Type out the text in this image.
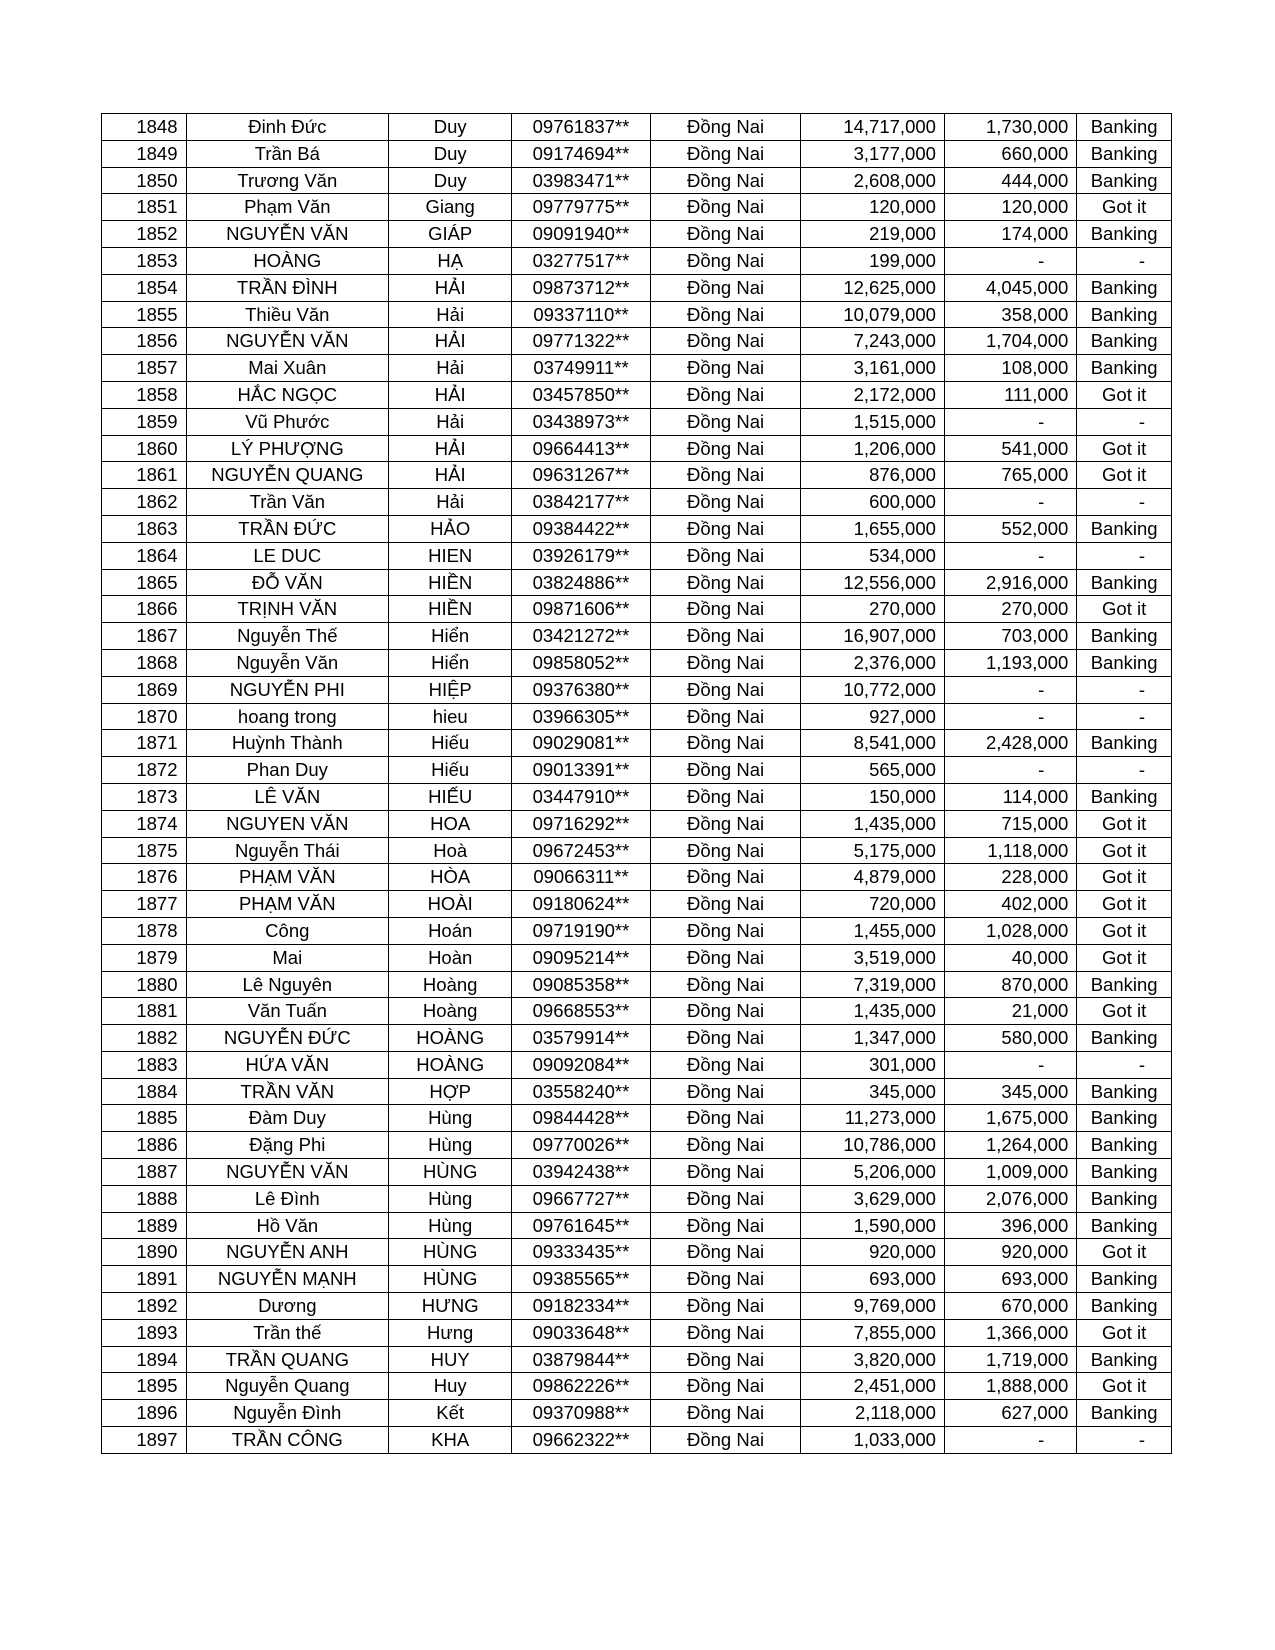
1848	Đinh Đức	Duy	09761837**	Đồng Nai	14,717,000	1,730,000	Banking
1849	Trần Bá	Duy	09174694**	Đồng Nai	3,177,000	660,000	Banking
1850	Trương Văn	Duy	03983471**	Đồng Nai	2,608,000	444,000	Banking
1851	Phạm Văn	Giang	09779775**	Đồng Nai	120,000	120,000	Got it
1852	NGUYỄN VĂN	GIÁP	09091940**	Đồng Nai	219,000	174,000	Banking
1853	HOÀNG	HẠ	03277517**	Đồng Nai	199,000	-	-
1854	TRẦN ĐÌNH	HẢI	09873712**	Đồng Nai	12,625,000	4,045,000	Banking
1855	Thiều Văn	Hải	09337110**	Đồng Nai	10,079,000	358,000	Banking
1856	NGUYỄN VĂN	HẢI	09771322**	Đồng Nai	7,243,000	1,704,000	Banking
1857	Mai Xuân	Hải	03749911**	Đồng Nai	3,161,000	108,000	Banking
1858	HẮC NGỌC	HẢI	03457850**	Đồng Nai	2,172,000	111,000	Got it
1859	Vũ Phước	Hải	03438973**	Đồng Nai	1,515,000	-	-
1860	LÝ PHƯỢNG	HẢI	09664413**	Đồng Nai	1,206,000	541,000	Got it
1861	NGUYỄN QUANG	HẢI	09631267**	Đồng Nai	876,000	765,000	Got it
1862	Trần Văn	Hải	03842177**	Đồng Nai	600,000	-	-
1863	TRẦN ĐỨC	HẢO	09384422**	Đồng Nai	1,655,000	552,000	Banking
1864	LE DUC	HIEN	03926179**	Đồng Nai	534,000	-	-
1865	ĐỖ VĂN	HIỀN	03824886**	Đồng Nai	12,556,000	2,916,000	Banking
1866	TRỊNH VĂN	HIỀN	09871606**	Đồng Nai	270,000	270,000	Got it
1867	Nguyễn Thế	Hiển	03421272**	Đồng Nai	16,907,000	703,000	Banking
1868	Nguyễn Văn	Hiển	09858052**	Đồng Nai	2,376,000	1,193,000	Banking
1869	NGUYỄN PHI	HIỆP	09376380**	Đồng Nai	10,772,000	-	-
1870	hoang trong	hieu	03966305**	Đồng Nai	927,000	-	-
1871	Huỳnh Thành	Hiếu	09029081**	Đồng Nai	8,541,000	2,428,000	Banking
1872	Phan Duy	Hiếu	09013391**	Đồng Nai	565,000	-	-
1873	LÊ VĂN	HIẾU	03447910**	Đồng Nai	150,000	114,000	Banking
1874	NGUYEN VĂN	HOA	09716292**	Đồng Nai	1,435,000	715,000	Got it
1875	Nguyễn Thái	Hoà	09672453**	Đồng Nai	5,175,000	1,118,000	Got it
1876	PHẠM VĂN	HÒA	09066311**	Đồng Nai	4,879,000	228,000	Got it
1877	PHẠM VĂN	HOÀI	09180624**	Đồng Nai	720,000	402,000	Got it
1878	Công	Hoán	09719190**	Đồng Nai	1,455,000	1,028,000	Got it
1879	Mai	Hoàn	09095214**	Đồng Nai	3,519,000	40,000	Got it
1880	Lê Nguyên	Hoàng	09085358**	Đồng Nai	7,319,000	870,000	Banking
1881	Văn Tuấn	Hoàng	09668553**	Đồng Nai	1,435,000	21,000	Got it
1882	NGUYỄN ĐỨC	HOÀNG	03579914**	Đồng Nai	1,347,000	580,000	Banking
1883	HỨA VĂN	HOÀNG	09092084**	Đồng Nai	301,000	-	-
1884	TRẦN VĂN	HỢP	03558240**	Đồng Nai	345,000	345,000	Banking
1885	Đàm Duy	Hùng	09844428**	Đồng Nai	11,273,000	1,675,000	Banking
1886	Đặng Phi	Hùng	09770026**	Đồng Nai	10,786,000	1,264,000	Banking
1887	NGUYỄN VĂN	HÙNG	03942438**	Đồng Nai	5,206,000	1,009,000	Banking
1888	Lê Đình	Hùng	09667727**	Đồng Nai	3,629,000	2,076,000	Banking
1889	Hồ Văn	Hùng	09761645**	Đồng Nai	1,590,000	396,000	Banking
1890	NGUYỄN ANH	HÙNG	09333435**	Đồng Nai	920,000	920,000	Got it
1891	NGUYỄN MẠNH	HÙNG	09385565**	Đồng Nai	693,000	693,000	Banking
1892	Dương	HƯNG	09182334**	Đồng Nai	9,769,000	670,000	Banking
1893	Trần thế	Hưng	09033648**	Đồng Nai	7,855,000	1,366,000	Got it
1894	TRẦN QUANG	HUY	03879844**	Đồng Nai	3,820,000	1,719,000	Banking
1895	Nguyễn Quang	Huy	09862226**	Đồng Nai	2,451,000	1,888,000	Got it
1896	Nguyễn Đình	Kết	09370988**	Đồng Nai	2,118,000	627,000	Banking
1897	TRẦN CÔNG	KHA	09662322**	Đồng Nai	1,033,000	-	-
